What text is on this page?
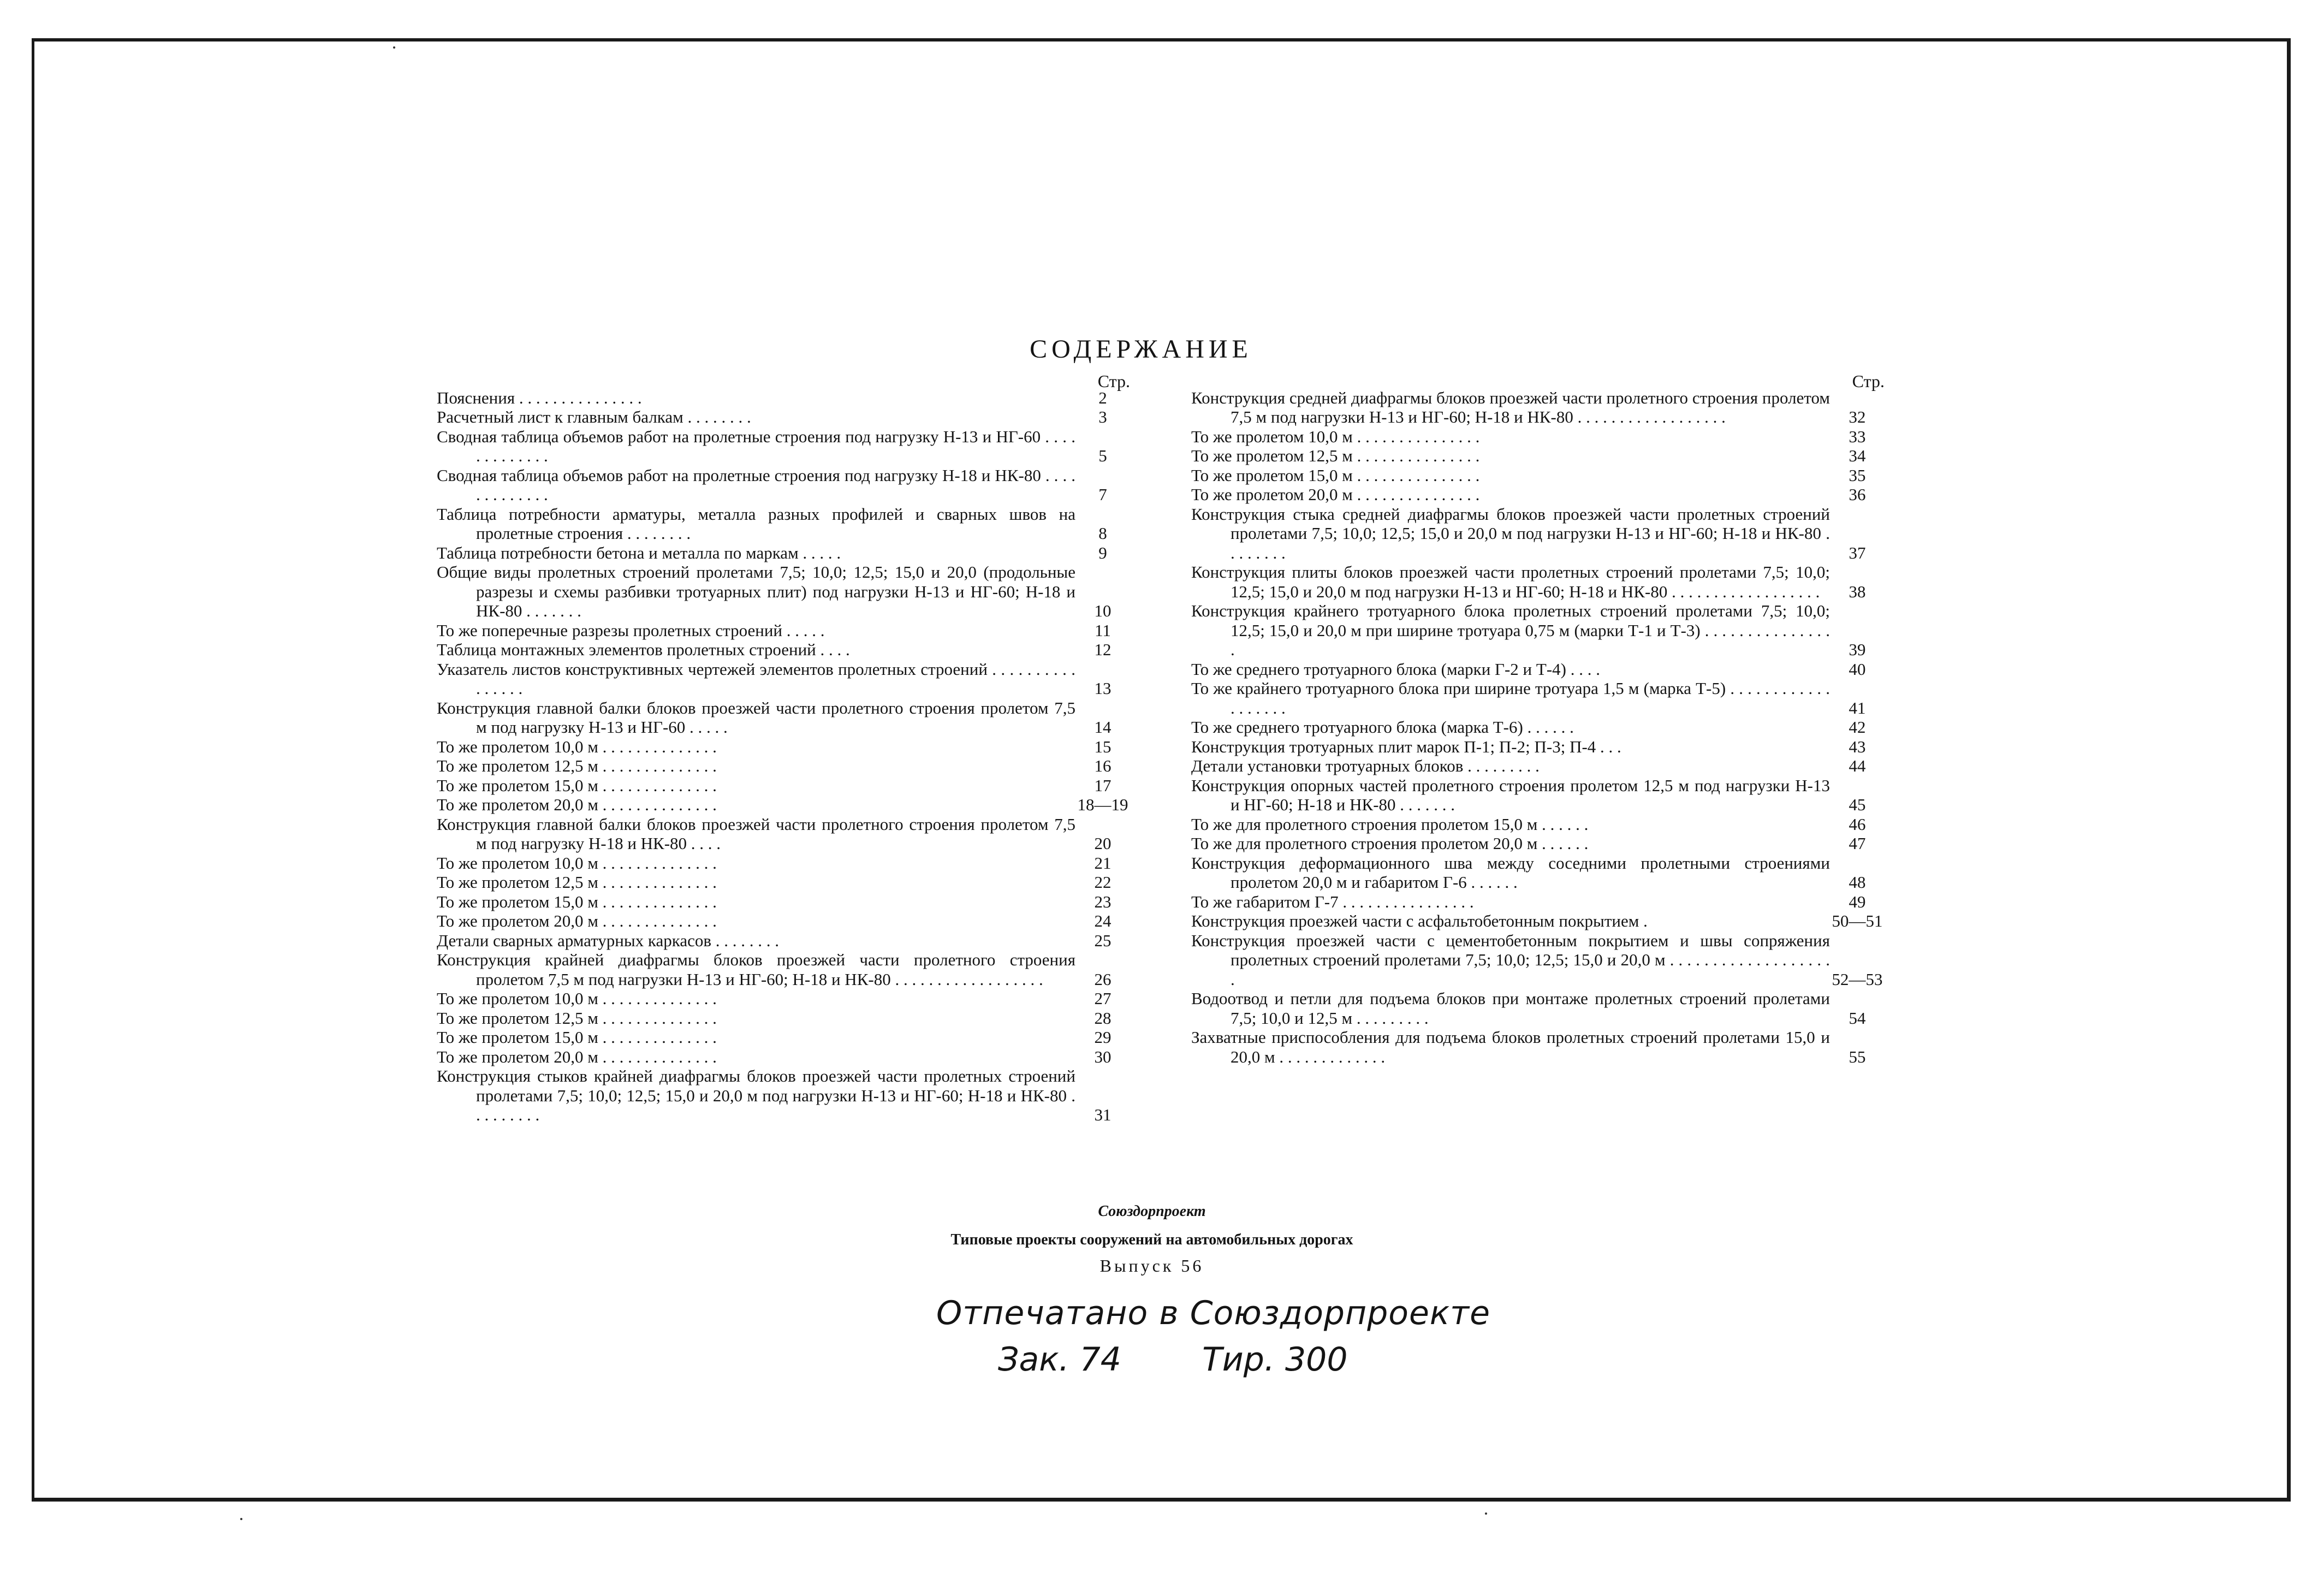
СОДЕРЖАНИЕ
Стр.
Пояснения . . . . . . . . . . . . . . .	2
Расчетный лист к главным балкам . . . . . . . .	3
Сводная таблица объемов работ на пролетные строения под нагрузку Н-13 и НГ-60 . . . . . . . . . . . . .	5
Сводная таблица объемов работ на пролетные строения под нагрузку Н-18 и НК-80 . . . . . . . . . . . . .	7
Таблица потребности арматуры, металла разных профилей и сварных швов на пролетные строения . . . . . . . .	8
Таблица потребности бетона и металла по маркам . . . . .	9
Общие виды пролетных строений пролетами 7,5; 10,0; 12,5; 15,0 и 20,0 (продольные разрезы и схемы разбивки тротуарных плит) под нагрузки Н-13 и НГ-60; Н-18 и НК-80 . . . . . . .	10
То же поперечные разрезы пролетных строений . . . . .	11
Таблица монтажных элементов пролетных строений . . . .	12
Указатель листов конструктивных чертежей элементов пролетных строений . . . . . . . . . . . . . . . .	13
Конструкция главной балки блоков проезжей части пролетного строения пролетом 7,5 м под нагрузку Н-13 и НГ-60 . . . . .	14
То же пролетом 10,0 м . . . . . . . . . . . . . .	15
То же пролетом 12,5 м . . . . . . . . . . . . . .	16
То же пролетом 15,0 м . . . . . . . . . . . . . .	17
То же пролетом 20,0 м . . . . . . . . . . . . . .	18—19
Конструкция главной балки блоков проезжей части пролетного строения пролетом 7,5 м под нагрузку Н-18 и НК-80 . . . .	20
То же пролетом 10,0 м . . . . . . . . . . . . . .	21
То же пролетом 12,5 м . . . . . . . . . . . . . .	22
То же пролетом 15,0 м . . . . . . . . . . . . . .	23
То же пролетом 20,0 м . . . . . . . . . . . . . .	24
Детали сварных арматурных каркасов . . . . . . . .	25
Конструкция крайней диафрагмы блоков проезжей части пролетного строения пролетом 7,5 м под нагрузки Н-13 и НГ-60; Н-18 и НК-80 . . . . . . . . . . . . . . . . . .	26
То же пролетом 10,0 м . . . . . . . . . . . . . .	27
То же пролетом 12,5 м . . . . . . . . . . . . . .	28
То же пролетом 15,0 м . . . . . . . . . . . . . .	29
То же пролетом 20,0 м . . . . . . . . . . . . . .	30
Конструкция стыков крайней диафрагмы блоков проезжей части пролетных строений пролетами 7,5; 10,0; 12,5; 15,0 и 20,0 м под нагрузки Н-13 и НГ-60; Н-18 и НК-80 . . . . . . . . .	31
Стр.
Конструкция средней диафрагмы блоков проезжей части пролетного строения пролетом 7,5 м под нагрузки Н-13 и НГ-60; Н-18 и НК-80 . . . . . . . . . . . . . . . . . .	32
То же пролетом 10,0 м . . . . . . . . . . . . . . .	33
То же пролетом 12,5 м . . . . . . . . . . . . . . .	34
То же пролетом 15,0 м . . . . . . . . . . . . . . .	35
То же пролетом 20,0 м . . . . . . . . . . . . . . .	36
Конструкция стыка средней диафрагмы блоков проезжей части пролетных строений пролетами 7,5; 10,0; 12,5; 15,0 и 20,0 м под нагрузки Н-13 и НГ-60; Н-18 и НК-80 . . . . . . . .	37
Конструкция плиты блоков проезжей части пролетных строений пролетами 7,5; 10,0; 12,5; 15,0 и 20,0 м под нагрузки Н-13 и НГ-60; Н-18 и НК-80 . . . . . . . . . . . . . . . . . .	38
Конструкция крайнего тротуарного блока пролетных строений пролетами 7,5; 10,0; 12,5; 15,0 и 20,0 м при ширине тротуара 0,75 м (марки Т-1 и Т-3) . . . . . . . . . . . . . . . .	39
То же среднего тротуарного блока (марки Г-2 и Т-4) . . . .	40
То же крайнего тротуарного блока при ширине тротуара 1,5 м (марка Т-5) . . . . . . . . . . . . . . . . . . .	41
То же среднего тротуарного блока (марка Т-6) . . . . . .	42
Конструкция тротуарных плит марок П-1; П-2; П-3; П-4 . . .	43
Детали установки тротуарных блоков . . . . . . . . .	44
Конструкция опорных частей пролетного строения пролетом 12,5 м под нагрузки Н-13 и НГ-60; Н-18 и НК-80 . . . . . . .	45
То же для пролетного строения пролетом 15,0 м . . . . . .	46
То же для пролетного строения пролетом 20,0 м . . . . . .	47
Конструкция деформационного шва между соседними пролетными строениями пролетом 20,0 м и габаритом Г-6 . . . . . .	48
То же габаритом Г-7 . . . . . . . . . . . . . . . .	49
Конструкция проезжей части с асфальтобетонным покрытием .	50—51
Конструкция проезжей части с цементобетонным покрытием и швы сопряжения пролетных строений пролетами 7,5; 10,0; 12,5; 15,0 и 20,0 м . . . . . . . . . . . . . . . . . . . .	52—53
Водоотвод и петли для подъема блоков при монтаже пролетных строений пролетами 7,5; 10,0 и 12,5 м . . . . . . . . .	54
Захватные приспособления для подъема блоков пролетных строений пролетами 15,0 и 20,0 м . . . . . . . . . . . . .	55
Союздорпроект
Типовые проекты сооружений на автомобильных дорогах
Выпуск 56
Отпечатано в Союздорпроекте
Зак. 74 Тир. 300
